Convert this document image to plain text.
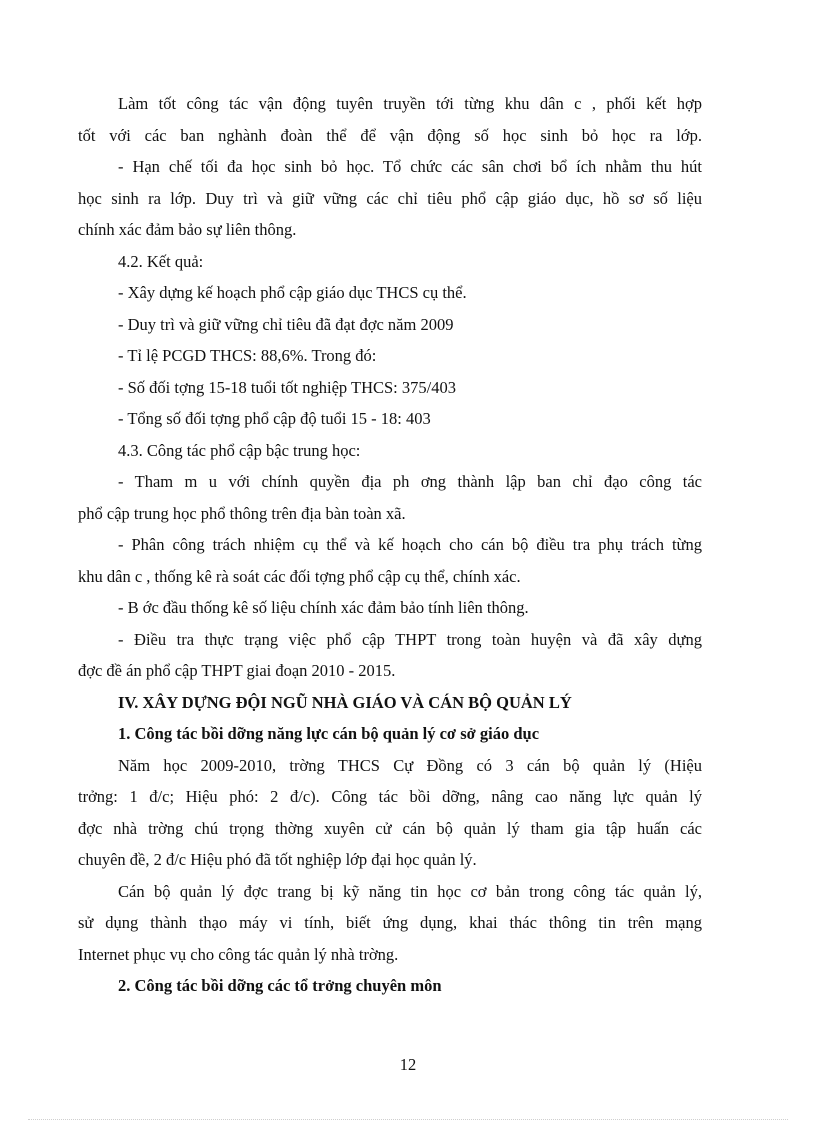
Làm tốt công tác vận động tuyên truyền tới từng khu dân c , phối kết hợp
tốt với các ban nghành đoàn thể để vận động số học sinh bỏ học ra lớp.
- Hạn chế tối đa học sinh bỏ học. Tổ chức các sân chơi bổ ích nhằm thu hút
học sinh ra lớp. Duy trì và giữ vững các chỉ tiêu phổ cập giáo dục, hồ sơ số liệu
chính xác đảm bảo sự liên thông.
4.2. Kết quả:
- Xây dựng kế hoạch phổ cập giáo dục THCS cụ thể.
- Duy trì và giữ vững chỉ tiêu đã đạt đợc năm 2009
- Tỉ lệ PCGD THCS: 88,6%. Trong đó:
- Số đối tợng 15-18 tuổi tốt nghiệp THCS: 375/403
- Tổng số đối tợng phổ cập độ tuổi 15 - 18: 403
4.3. Công tác phổ cập bậc trung học:
- Tham m u với chính quyền địa ph ơng thành lập ban chỉ đạo công tác
phổ cập trung học phổ thông trên địa bàn toàn xã.
- Phân công trách nhiệm cụ thể và kế hoạch cho cán bộ điều tra phụ trách từng
khu dân c , thống kê rà soát các đối tợng phổ cập cụ thể, chính xác.
- B ớc đầu thống kê số liệu chính xác đảm bảo tính liên thông.
- Điều tra thực trạng việc phổ cập THPT trong toàn huyện và đã xây dựng
đợc đề án phổ cập THPT giai đoạn 2010 - 2015.
IV. XÂY DỰNG ĐỘI NGŨ NHÀ GIÁO VÀ CÁN BỘ QUẢN LÝ
1. Công tác bồi dỡng năng lực cán bộ quản lý cơ sở giáo dục
Năm học 2009-2010, trờng THCS Cự Đồng có 3 cán bộ quản lý (Hiệu
trởng: 1 đ/c; Hiệu phó: 2 đ/c). Công tác bồi dỡng, nâng cao năng lực quản lý
đợc nhà trờng chú trọng thờng xuyên cử cán bộ quản lý tham gia tập huấn các
chuyên đề, 2 đ/c Hiệu phó đã tốt nghiệp lớp đại học quản lý.
Cán bộ quản lý đợc trang bị kỹ năng tin học cơ bản trong công tác quản lý,
sử dụng thành thạo máy vi tính, biết ứng dụng, khai thác thông tin trên mạng
Internet phục vụ cho công tác quản lý nhà trờng.
2. Công tác bồi dỡng các tổ trởng chuyên môn
12
